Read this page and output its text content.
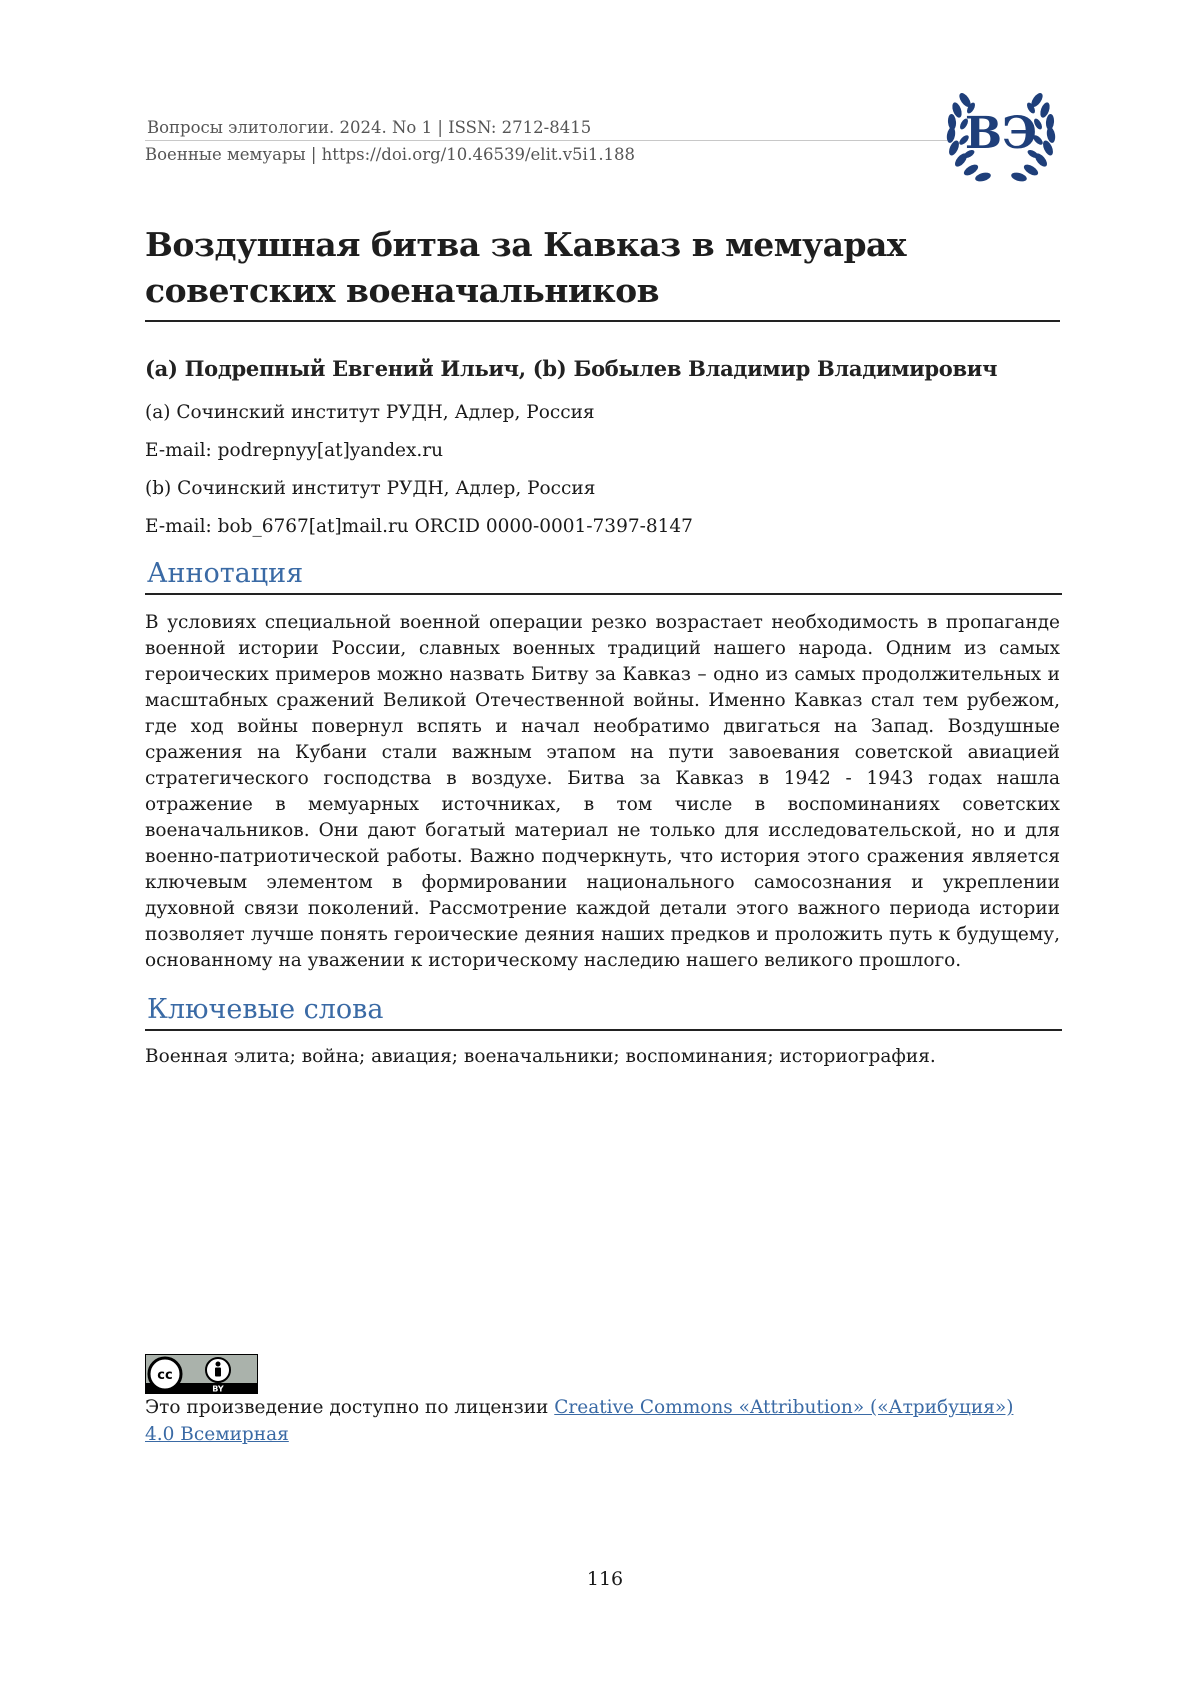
Вопросы элитологии. 2024. No 1 | ISSN: 2712-8415
Военные мемуары | https://doi.org/10.46539/elit.v5i1.188	ВЭ
Воздушная битва за Кавказ в мемуарах советских военачальников
(a) Подрепный Евгений Ильич, (b) Бобылев Владимир Владимирович
(a) Сочинский институт РУДН, Адлер, Россия
E-mail: podrepnyy[at]yandex.ru
(b) Сочинский институт РУДН, Адлер, Россия
E-mail: bob_6767[at]mail.ru ORCID 0000-0001-7397-8147
Аннотация
В условиях специальной военной операции резко возрастает необходимость в пропаганде военной истории России, славных военных традиций нашего народа. Одним из самых героических примеров можно назвать Битву за Кавказ – одно из самых продолжительных и масштабных сражений Великой Отечественной войны. Именно Кавказ стал тем рубежом, где ход войны повернул вспять и начал необратимо двигаться на Запад. Воздушные сражения на Кубани стали важным этапом на пути завоевания советской авиацией стратегического господства в воздухе. Битва за Кавказ в 1942 - 1943 годах нашла отражение в мемуарных источниках, в том числе в воспоминаниях советских военачальников. Они дают богатый материал не только для исследовательской, но и для военно-патриотической работы. Важно подчеркнуть, что история этого сражения является ключевым элементом в формировании национального самосознания и укреплении духовной связи поколений. Рассмотрение каждой детали этого важного периода истории позволяет лучше понять героические деяния наших предков и проложить путь к будущему, основанному на уважении к историческому наследию нашего великого прошлого.
Ключевые слова
Военная элита; война; авиация; военачальники; воспоминания; историография.
cc
BY
Это произведение доступно по лицензии Creative Commons «Attribution» («Атрибуция») 4.0 Всемирная
116
